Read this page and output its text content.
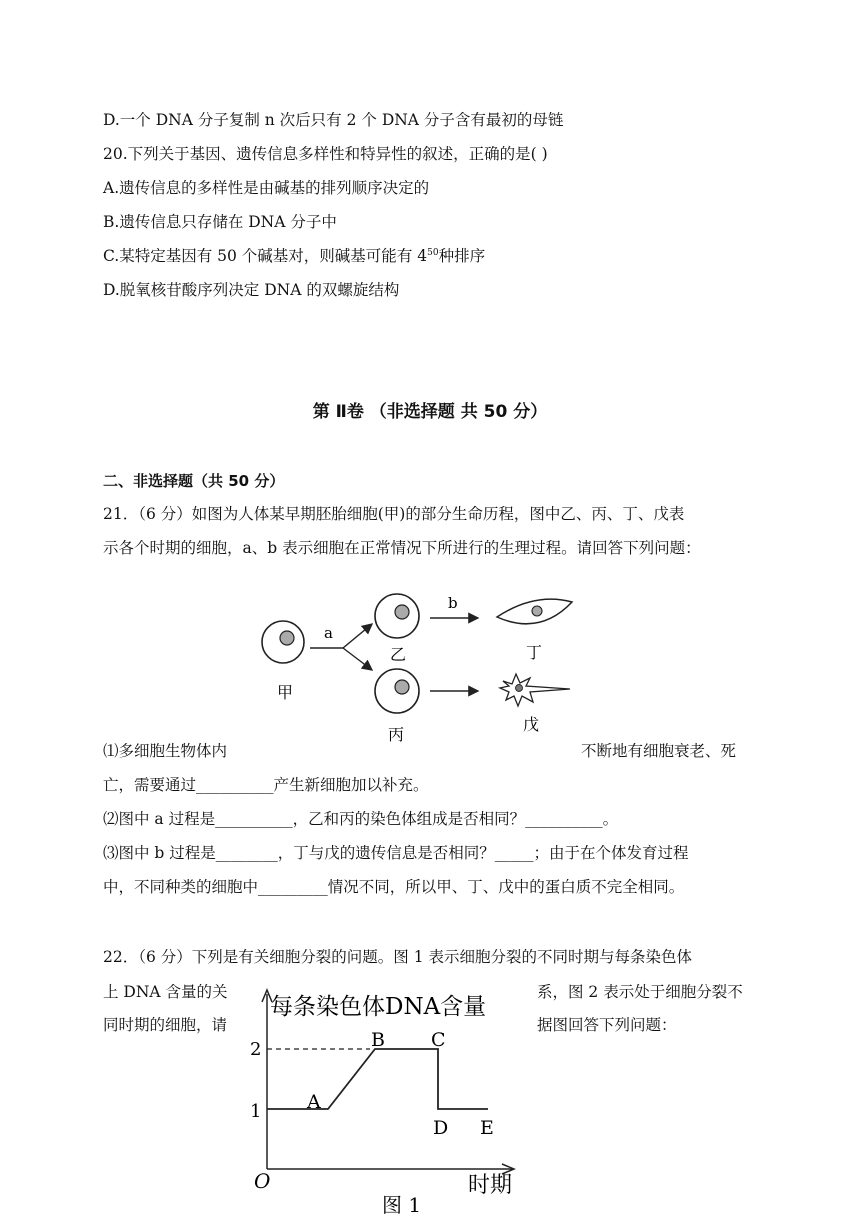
D.一个 DNA 分子复制 n 次后只有 2 个 DNA 分子含有最初的母链
20.下列关于基因、遗传信息多样性和特异性的叙述，正确的是( )
A.遗传信息的多样性是由碱基的排列顺序决定的
B.遗传信息只存储在 DNA 分子中
C.某特定基因有 50 个碱基对，则碱基可能有 $4^{50}$种排序
D.脱氧核苷酸序列决定 DNA 的双螺旋结构
第 Ⅱ卷 （非选择题 共 50 分）
二、非选择题（共 50 分）
21．（6 分）如图为人体某早期胚胎细胞(甲)的部分生命历程，图中乙、丙、丁、戊表
示各个时期的细胞，a、b 表示细胞在正常情况下所进行的生理过程。请回答下列问题：
甲
a
乙
丙
b
丁
戊
⑴多细胞生物体内	不断地有细胞衰老、死
亡，需要通过__________产生新细胞加以补充。
⑵图中 a 过程是__________，乙和丙的染色体组成是否相同？__________。
⑶图中 b 过程是________，丁与戊的遗传信息是否相同？_____；由于在个体发育过程
中，不同种类的细胞中_________情况不同，所以甲、丁、戊中的蛋白质不完全相同。
22．（6 分）下列是有关细胞分裂的问题。图 1 表示细胞分裂的不同时期与每条染色体
上 DNA 含量的关	系，图 2 表示处于细胞分裂不
同时期的细胞，请	据图回答下列问题：
每条染色体DNA含量
O	时期
2
1 A
B C
D E
图 1
